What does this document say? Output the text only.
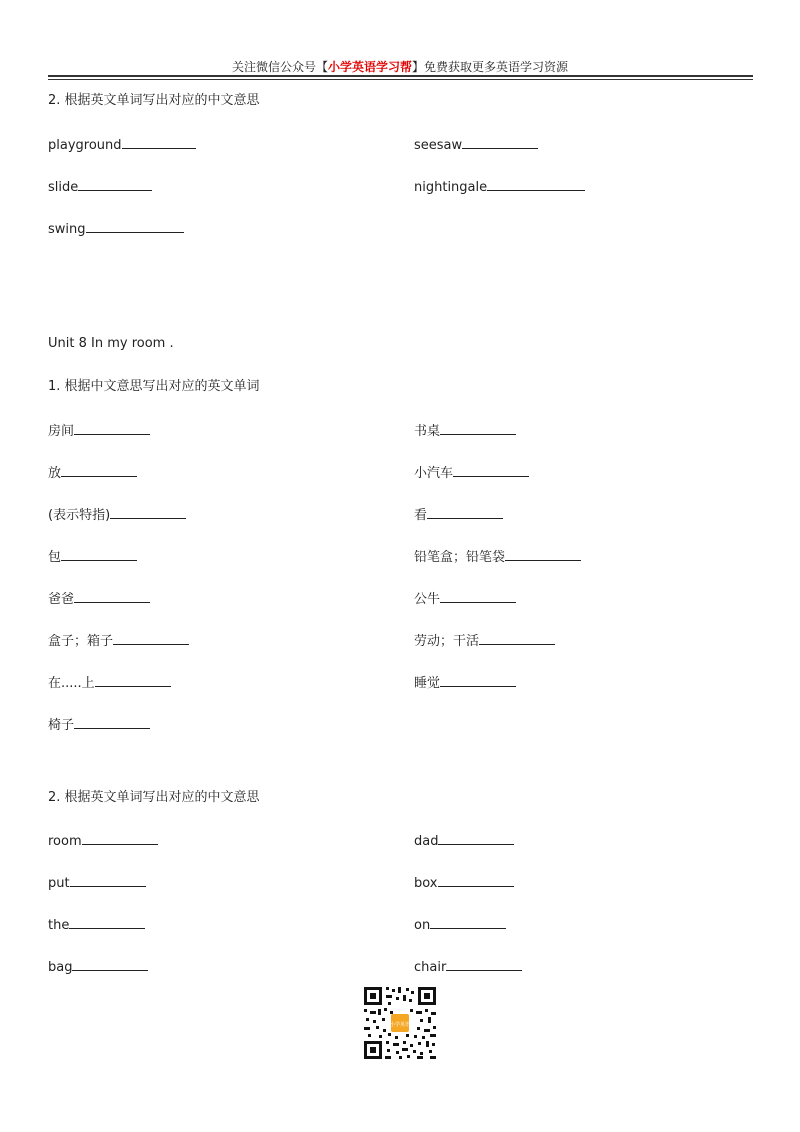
关注微信公众号【小学英语学习帮】免费获取更多英语学习资源
2. 根据英文单词写出对应的中文意思
playground	seesaw
slide	nightingale
swing
Unit 8 In my room .
1. 根据中文意思写出对应的英文单词
房间	书桌
放	小汽车
(表示特指)	看
包	铅笔盒；铅笔袋
爸爸	公牛
盒子；箱子	劳动；干活
在.....上	睡觉
椅子
2. 根据英文单词写出对应的中文意思
room	dad
put	box
the	on
bag	chair
小学英语
